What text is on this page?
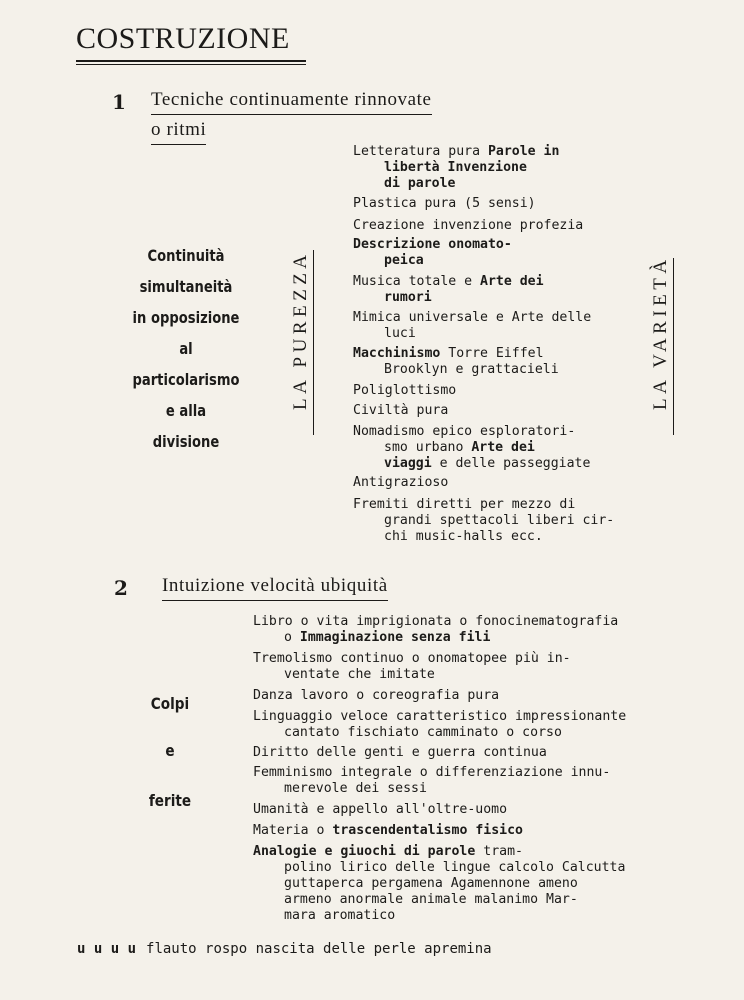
COSTRUZIONE
1 Tecniche continuamente rinnovate
o ritmi
Continuità
simultaneità
in opposizione
al
particolarismo
e alla
divisione
LA PUREZZA	LA VARIETÀ
Letteratura pura Parole in
libertà Invenzione
di parole
Plastica pura (5 sensi)
Creazione invenzione profezia
Descrizione onomato-
peica
Musica totale e Arte dei
rumori
Mimica universale e Arte delle
luci
Macchinismo Torre Eiffel
Brooklyn e grattacieli
Poliglottismo
Civiltà pura
Nomadismo epico esploratori-
smo urbano Arte dei
viaggi e delle passeggiate
Antigrazioso
Fremiti diretti per mezzo di
grandi spettacoli liberi cir-
chi music-halls ecc.
2 Intuizione velocità ubiquità
Colpi
e
ferite
Libro o vita imprigionata o fonocinematografia
o Immaginazione senza fili
Tremolismo continuo o onomatopee più in-
ventate che imitate
Danza lavoro o coreografia pura
Linguaggio veloce caratteristico impressionante
cantato fischiato camminato o corso
Diritto delle genti e guerra continua
Femminismo integrale o differenziazione innu-
merevole dei sessi
Umanità e appello all'oltre-uomo
Materia o trascendentalismo fisico
Analogie e giuochi di parole tram-
polino lirico delle lingue calcolo Calcutta
guttaperca pergamena Agamennone ameno
armeno anormale animale malanimo Mar-
mara aromatico
u u u u flauto rospo nascita delle perle apremina
